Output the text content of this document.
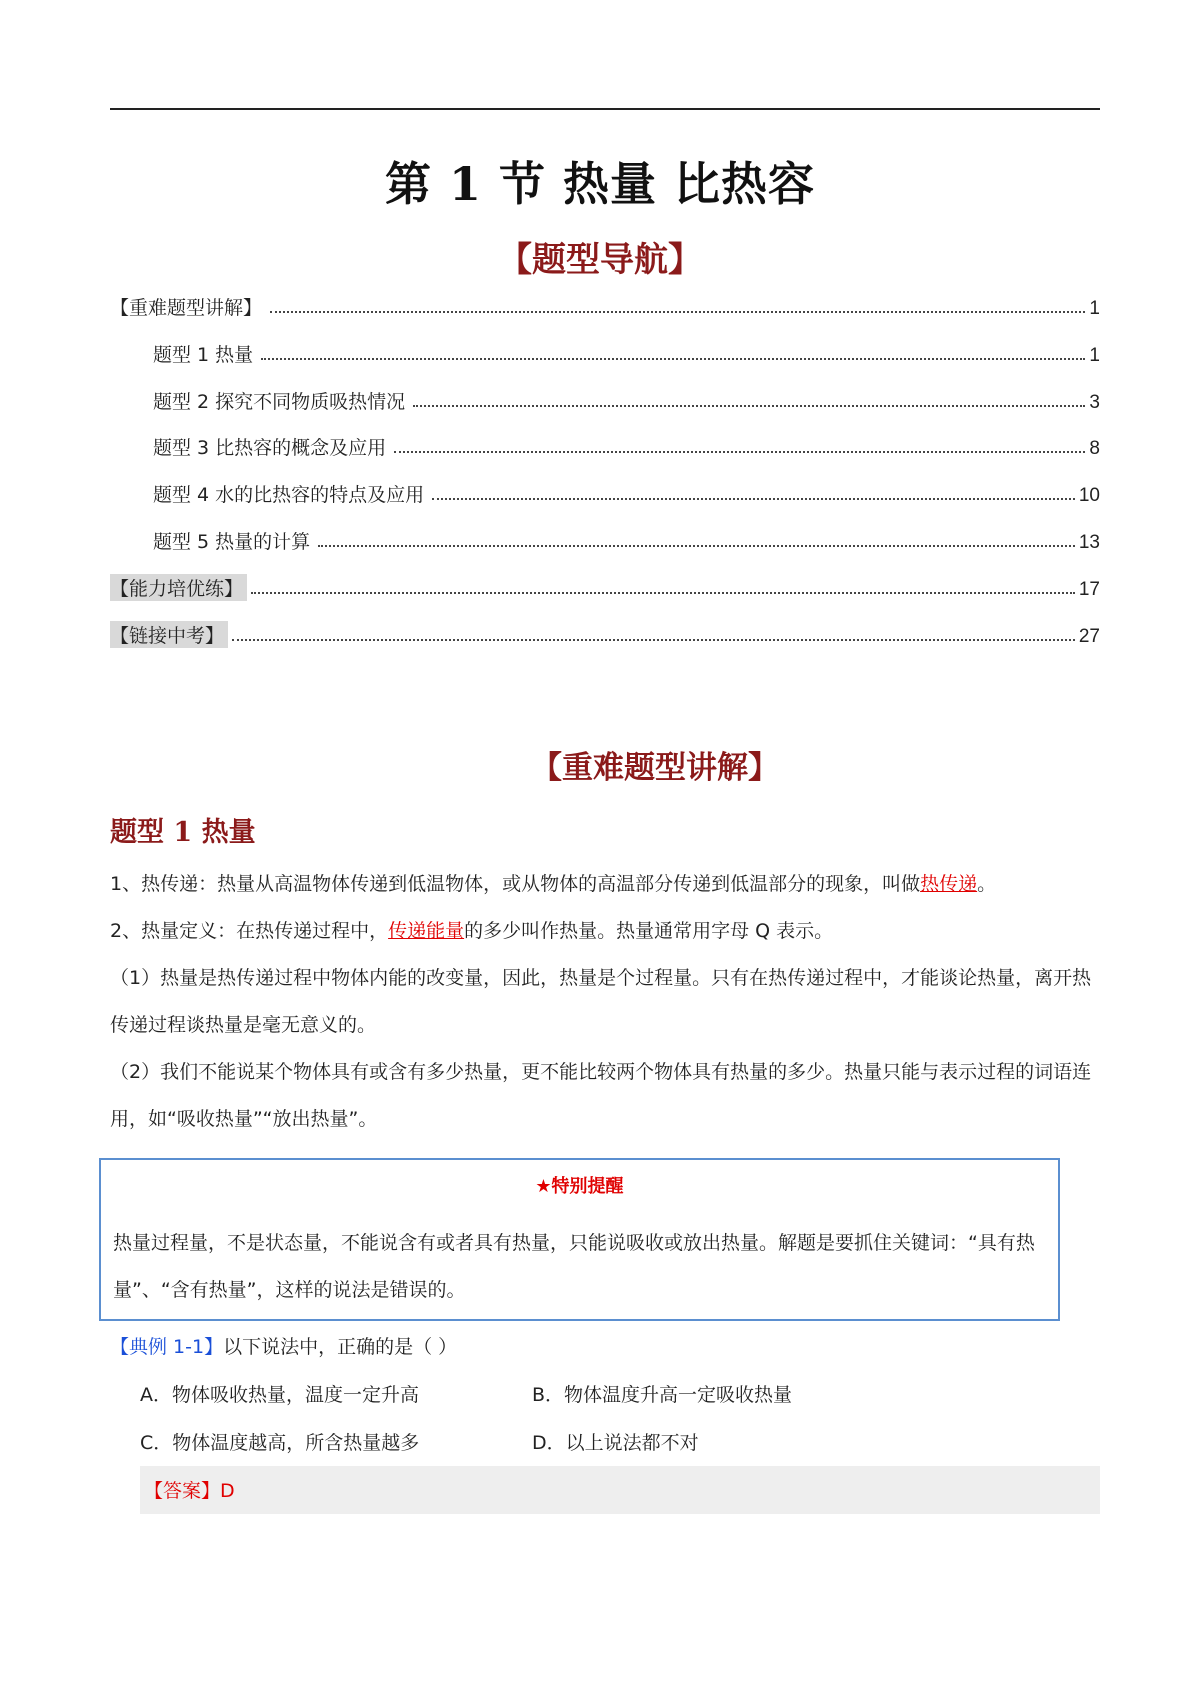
第 1 节 热量 比热容
【题型导航】
【重难题型讲解】	1
题型 1 热量	1
题型 2 探究不同物质吸热情况	3
题型 3 比热容的概念及应用	8
题型 4 水的比热容的特点及应用	10
题型 5 热量的计算	13
【能力培优练】	17
【链接中考】	27
【重难题型讲解】
题型 1 热量
1、热传递：热量从高温物体传递到低温物体，或从物体的高温部分传递到低温部分的现象，叫做热传递。
2、热量定义：在热传递过程中，传递能量的多少叫作热量。热量通常用字母 Q 表示。
（1）热量是热传递过程中物体内能的改变量，因此，热量是个过程量。只有在热传递过程中，才能谈论热量，离开热传递过程谈热量是毫无意义的。
（2）我们不能说某个物体具有或含有多少热量，更不能比较两个物体具有热量的多少。热量只能与表示过程的词语连用，如“吸收热量”“放出热量”。
★特别提醒
热量过程量，不是状态量，不能说含有或者具有热量，只能说吸收或放出热量。解题是要抓住关键词：“具有热量”、“含有热量”，这样的说法是错误的。
【典例 1-1】以下说法中，正确的是（ ）
A．物体吸收热量，温度一定升高	B．物体温度升高一定吸收热量
C．物体温度越高，所含热量越多	D．以上说法都不对
【答案】D
